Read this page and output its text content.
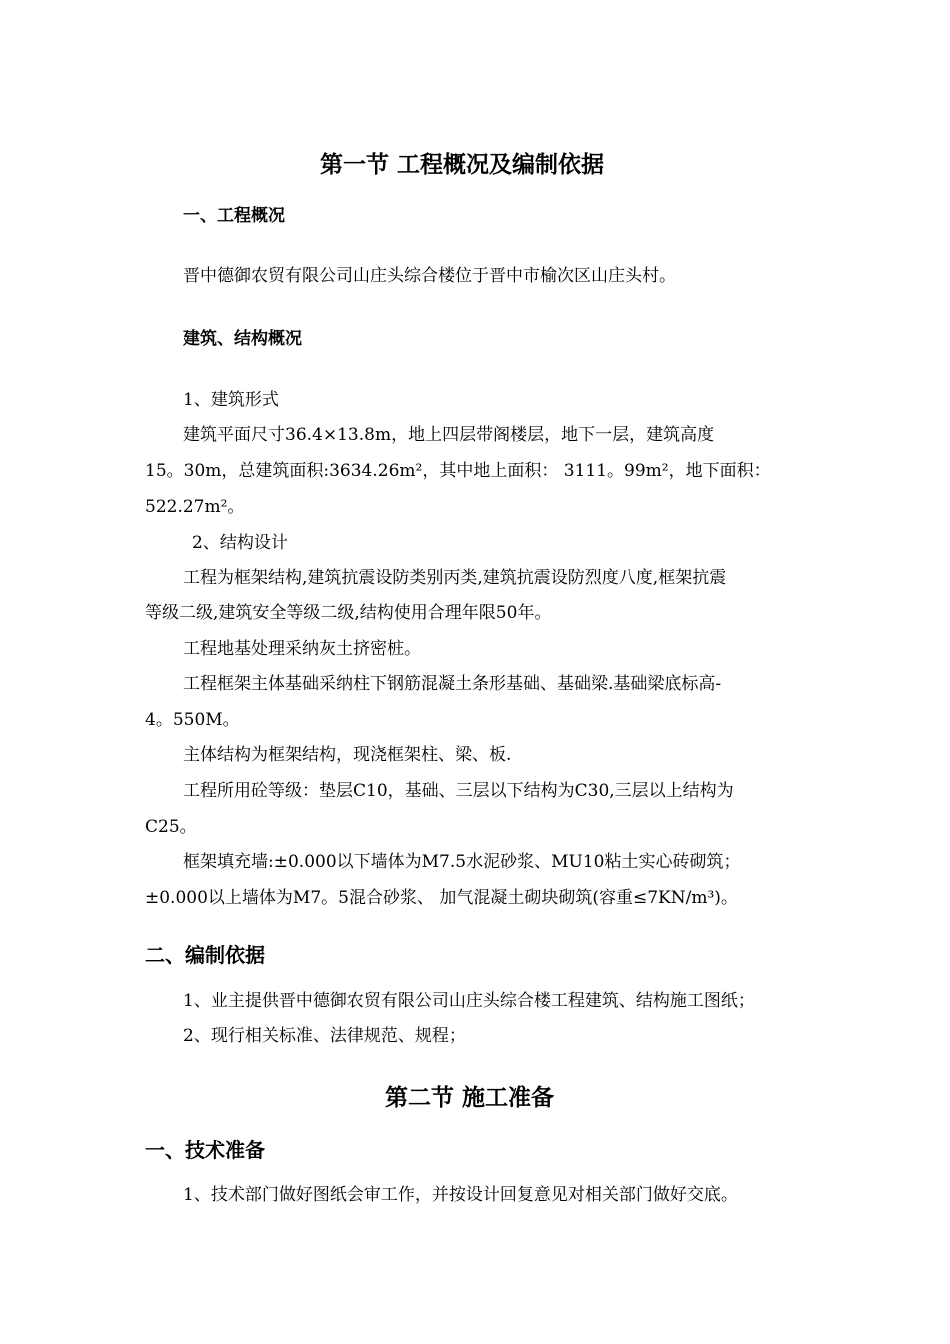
第一节 工程概况及编制依据
一、工程概况
晋中德御农贸有限公司山庄头综合楼位于晋中市榆次区山庄头村。
建筑、结构概况
1、建筑形式
建筑平面尺寸36.4×13.8m，地上四层带阁楼层，地下一层，建筑高度
15。30m，总建筑面积:3634.26m²，其中地上面积： 3111。99m²，地下面积：
522.27m²。
2、结构设计
工程为框架结构,建筑抗震设防类别丙类,建筑抗震设防烈度八度,框架抗震
等级二级,建筑安全等级二级,结构使用合理年限50年。
工程地基处理采纳灰土挤密桩。
工程框架主体基础采纳柱下钢筋混凝土条形基础、基础梁.基础梁底标高-
4。550M。
主体结构为框架结构，现浇框架柱、梁、板.
工程所用砼等级：垫层C10，基础、三层以下结构为C30,三层以上结构为
C25。
框架填充墙:±0.000以下墙体为M7.5水泥砂浆、MU10粘土实心砖砌筑；
±0.000以上墙体为M7。5混合砂浆、 加气混凝土砌块砌筑(容重≤7KN/m³)。
二、编制依据
1、业主提供晋中德御农贸有限公司山庄头综合楼工程建筑、结构施工图纸；
2、现行相关标准、法律规范、规程；
第二节 施工准备
一、技术准备
1、技术部门做好图纸会审工作，并按设计回复意见对相关部门做好交底。
